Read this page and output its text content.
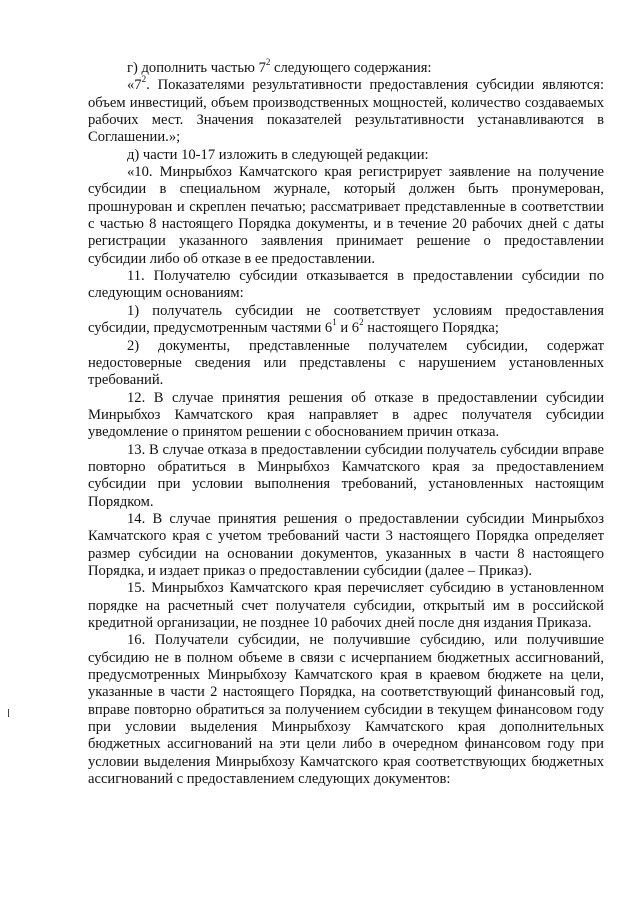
г) дополнить частью $7^2$ следующего содержания:

«$7^2$. Показателями результативности предоставления субсидии являются: объем инвестиций, объем производственных мощностей, количество создаваемых рабочих мест. Значения показателей результативности устанавливаются в Соглашении.»;

д) части 10-17 изложить в следующей редакции:

«10. Минрыбхоз Камчатского края регистрирует заявление на получение субсидии в специальном журнале, который должен быть пронумерован, прошнурован и скреплен печатью; рассматривает представленные в соответствии с частью 8 настоящего Порядка документы, и в течение 20 рабочих дней с даты регистрации указанного заявления принимает решение о предоставлении субсидии либо об отказе в ее предоставлении.

11. Получателю субсидии отказывается в предоставлении субсидии по следующим основаниям:

1) получатель субсидии не соответствует условиям предоставления субсидии, предусмотренным частями $6^1$ и $6^2$ настоящего Порядка;

2) документы, представленные получателем субсидии, содержат недостоверные сведения или представлены с нарушением установленных требований.

12. В случае принятия решения об отказе в предоставлении субсидии Минрыбхоз Камчатского края направляет в адрес получателя субсидии уведомление о принятом решении с обоснованием причин отказа.

13. В случае отказа в предоставлении субсидии получатель субсидии вправе повторно обратиться в Минрыбхоз Камчатского края за предоставлением субсидии при условии выполнения требований, установленных настоящим Порядком.

14. В случае принятия решения о предоставлении субсидии Минрыбхоз Камчатского края с учетом требований части 3 настоящего Порядка определяет размер субсидии на основании документов, указанных в части 8 настоящего Порядка, и издает приказ о предоставлении субсидии (далее – Приказ).

15. Минрыбхоз Камчатского края перечисляет субсидию в установленном порядке на расчетный счет получателя субсидии, открытый им в российской кредитной организации, не позднее 10 рабочих дней после дня издания Приказа.

16. Получатели субсидии, не получившие субсидию, или получившие субсидию не в полном объеме в связи с исчерпанием бюджетных ассигнований, предусмотренных Минрыбхозу Камчатского края в краевом бюджете на цели, указанные в части 2 настоящего Порядка, на соответствующий финансовый год, вправе повторно обратиться за получением субсидии в текущем финансовом году при условии выделения Минрыбхозу Камчатского края дополнительных бюджетных ассигнований на эти цели либо в очередном финансовом году при условии выделения Минрыбхозу Камчатского края соответствующих бюджетных ассигнований с предоставлением следующих документов:
